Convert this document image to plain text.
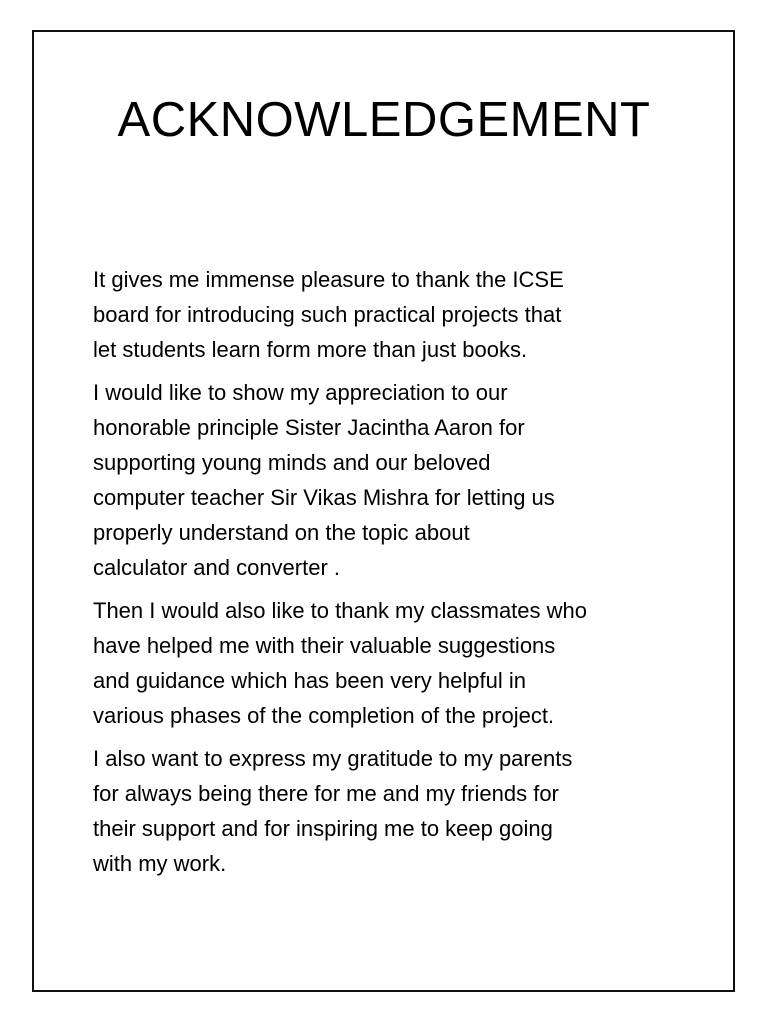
ACKNOWLEDGEMENT

It gives me immense pleasure to thank the ICSE
board for introducing such practical projects that
let students learn form more than just books.

I would like to show my appreciation to our
honorable principle Sister Jacintha Aaron for
supporting young minds and our beloved
computer teacher Sir Vikas Mishra for letting us
properly understand on the topic about
calculator and converter .

Then I would also like to thank my classmates who
have helped me with their valuable suggestions
and guidance which has been very helpful in
various phases of the completion of the project.

I also want to express my gratitude to my parents
for always being there for me and my friends for
their support and for inspiring me to keep going
with my work.
